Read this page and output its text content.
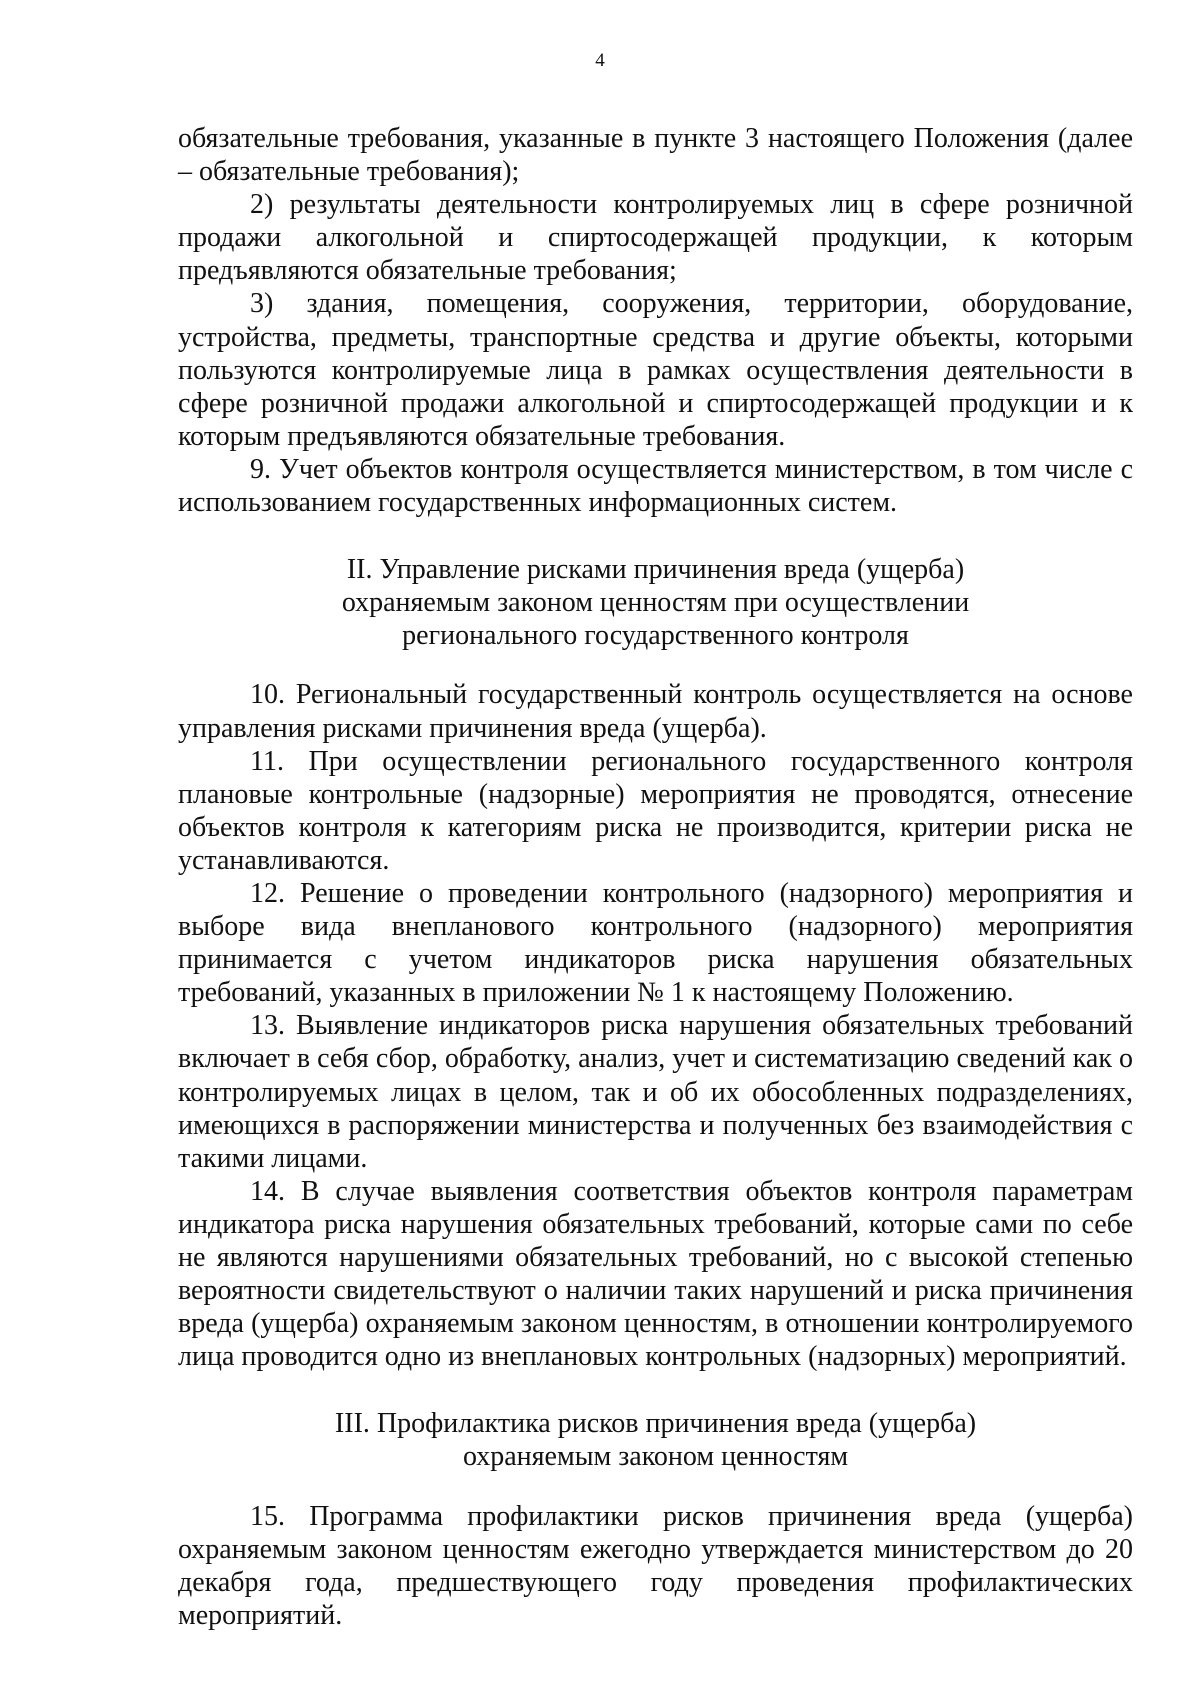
4

обязательные требования, указанные в пункте 3 настоящего Положения (далее – обязательные требования);

2) результаты деятельности контролируемых лиц в сфере розничной продажи алкогольной и спиртосодержащей продукции, к которым предъявляются обязательные требования;

3) здания, помещения, сооружения, территории, оборудование, устройства, предметы, транспортные средства и другие объекты, которыми пользуются контролируемые лица в рамках осуществления деятельности в сфере розничной продажи алкогольной и спиртосодержащей продукции и к которым предъявляются обязательные требования.

9. Учет объектов контроля осуществляется министерством, в том числе с использованием государственных информационных систем.

II. Управление рисками причинения вреда (ущерба)
охраняемым законом ценностям при осуществлении
регионального государственного контроля

10. Региональный государственный контроль осуществляется на основе управления рисками причинения вреда (ущерба).

11. При осуществлении регионального государственного контроля плановые контрольные (надзорные) мероприятия не проводятся, отнесение объектов контроля к категориям риска не производится, критерии риска не устанавливаются.

12. Решение о проведении контрольного (надзорного) мероприятия и выборе вида внепланового контрольного (надзорного) мероприятия принимается с учетом индикаторов риска нарушения обязательных требований, указанных в приложении № 1 к настоящему Положению.

13. Выявление индикаторов риска нарушения обязательных требований включает в себя сбор, обработку, анализ, учет и систематизацию сведений как о контролируемых лицах в целом, так и об их обособленных подразделениях, имеющихся в распоряжении министерства и полученных без взаимодействия с такими лицами.

14. В случае выявления соответствия объектов контроля параметрам индикатора риска нарушения обязательных требований, которые сами по себе не являются нарушениями обязательных требований, но с высокой степенью вероятности свидетельствуют о наличии таких нарушений и риска причинения вреда (ущерба) охраняемым законом ценностям, в отношении контролируемого лица проводится одно из внеплановых контрольных (надзорных) мероприятий.

III. Профилактика рисков причинения вреда (ущерба)
охраняемым законом ценностям

15. Программа профилактики рисков причинения вреда (ущерба) охраняемым законом ценностям ежегодно утверждается министерством до 20 декабря года, предшествующего году проведения профилактических мероприятий.
